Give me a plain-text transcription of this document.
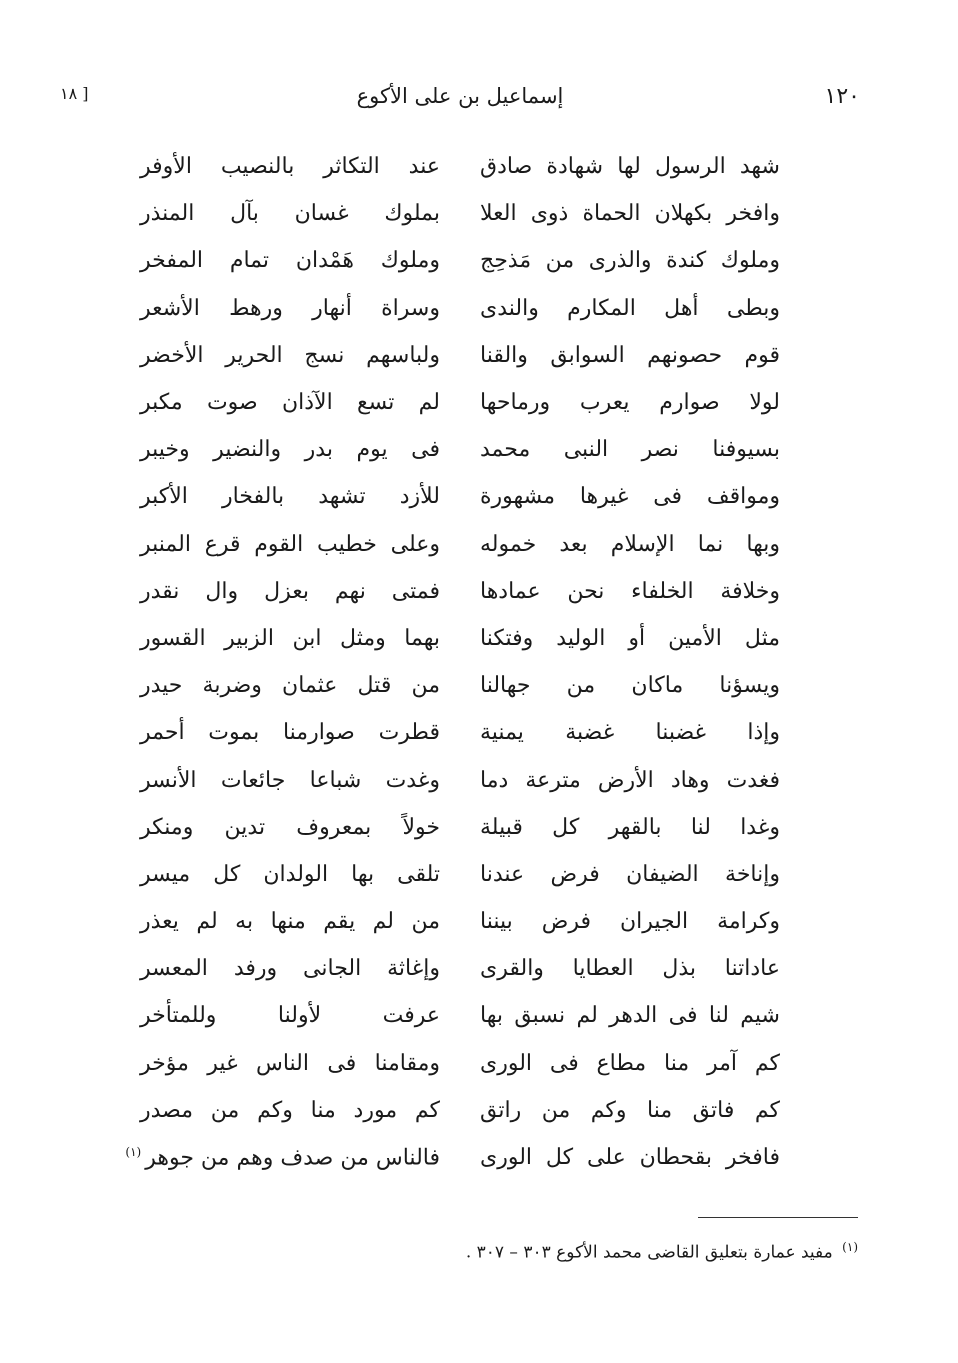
١٢٠
إسماعيل بن على الأكوع
[ ١٨
شهد الرسول لها شهادة صادق
عند التكاثر بالنصيب الأوفر
وافخر بكهلان الحماة ذوى العلا
بملوك غسان بآل المنذر
وملوك كندة والذرى من مَذحِج
وملوك هَمْدان تمام المفخر
وبطى أهل المكارم والندى
وسراة أنهار ورهط الأشعر
قوم حصونهم السوابق والقنا
ولباسهم نسج الحرير الأخضر
لولا صوارم يعرب ورماحها
لم تسع الآذان صوت مكبر
بسيوفنا نصر النبى محمد
فى يوم بدر والنضير وخيبر
ومواقف فى غيرها مشهورة
للأزد تشهد بالفخار الأكبر
وبها نما الإسلام بعد خموله
وعلى خطيب القوم قرع المنبر
وخلافة الخلفاء نحن عمادها
فمتى نهم بعزل وال نقدر
مثل الأمين أو الوليد وفتكنا
بهما ومثل ابن الزبير القسور
ويسؤنا ماكان من جهالنا
من قتل عثمان وضربة حيدر
وإذا غضبنا غضبة يمنية
قطرت صوارمنا بموت أحمر
فغدت وهاد الأرض مترعة دما
وغدت شباعا جائعات الأنسر
وغدا لنا بالقهر كل قبيلة
خولاً بمعروف تدين ومنكر
وإناخة الضيفان فرض عندنا
تلقى بها الولدان كل ميسر
وكرامة الجيران فرض بيننا
من لم يقم منها به لم يعذر
عاداتنا بذل العطايا والقرى
وإغاثة الجانى ورفد المعسر
شيم لنا فى الدهر لم نسبق بها
عرفت لأولنا وللمتأخر
كم آمر منا مطاع فى الورى
ومقامنا فى الناس غير مؤخر
كم فاتق منا وكم من راتق
كم مورد منا وكم من مصدر
فافخر بقحطان على كل الورى
فالناس من صدف وهم من جوهر$^{(١)}$
$^{(١)}$ مفيد عمارة بتعليق القاضى محمد الأكوع ٣٠٣ – ٣٠٧ .
